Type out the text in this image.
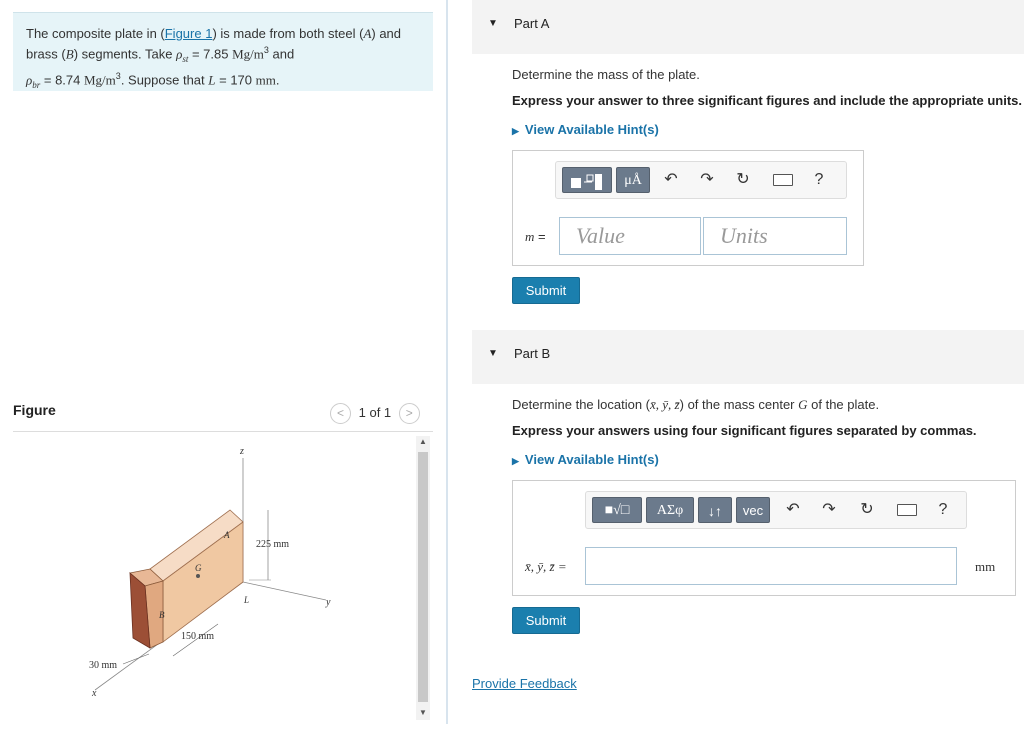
The composite plate in (Figure 1) is made from both steel (A) and
brass (B) segments. Take $\rho_{st} = 7.85$ $Mg/m^3$ and
$\rho_{br} = 8.74$ $Mg/m^3$. Suppose that L = 170 mm.
Figure	< 1 of 1 >
z
y
x
A
B
G
L
225 mm
150 mm
30 mm
▲
▼
▼ Part A
Determine the mass of the plate.
Express your answer to three significant figures and include the appropriate units.
▶ View Available Hint(s)
μÅ	↶ ↷ ↻	?
m =	Value	Units
Submit
▼ Part B
Determine the location (x̄, ȳ, z̄) of the mass center G of the plate.
Express your answers using four significant figures separated by commas.
▶ View Available Hint(s)
■√□	ΑΣφ	↓↑	vec	↶ ↷ ↻	?
x̄, ȳ, z̄ =	mm
Submit
Provide Feedback
